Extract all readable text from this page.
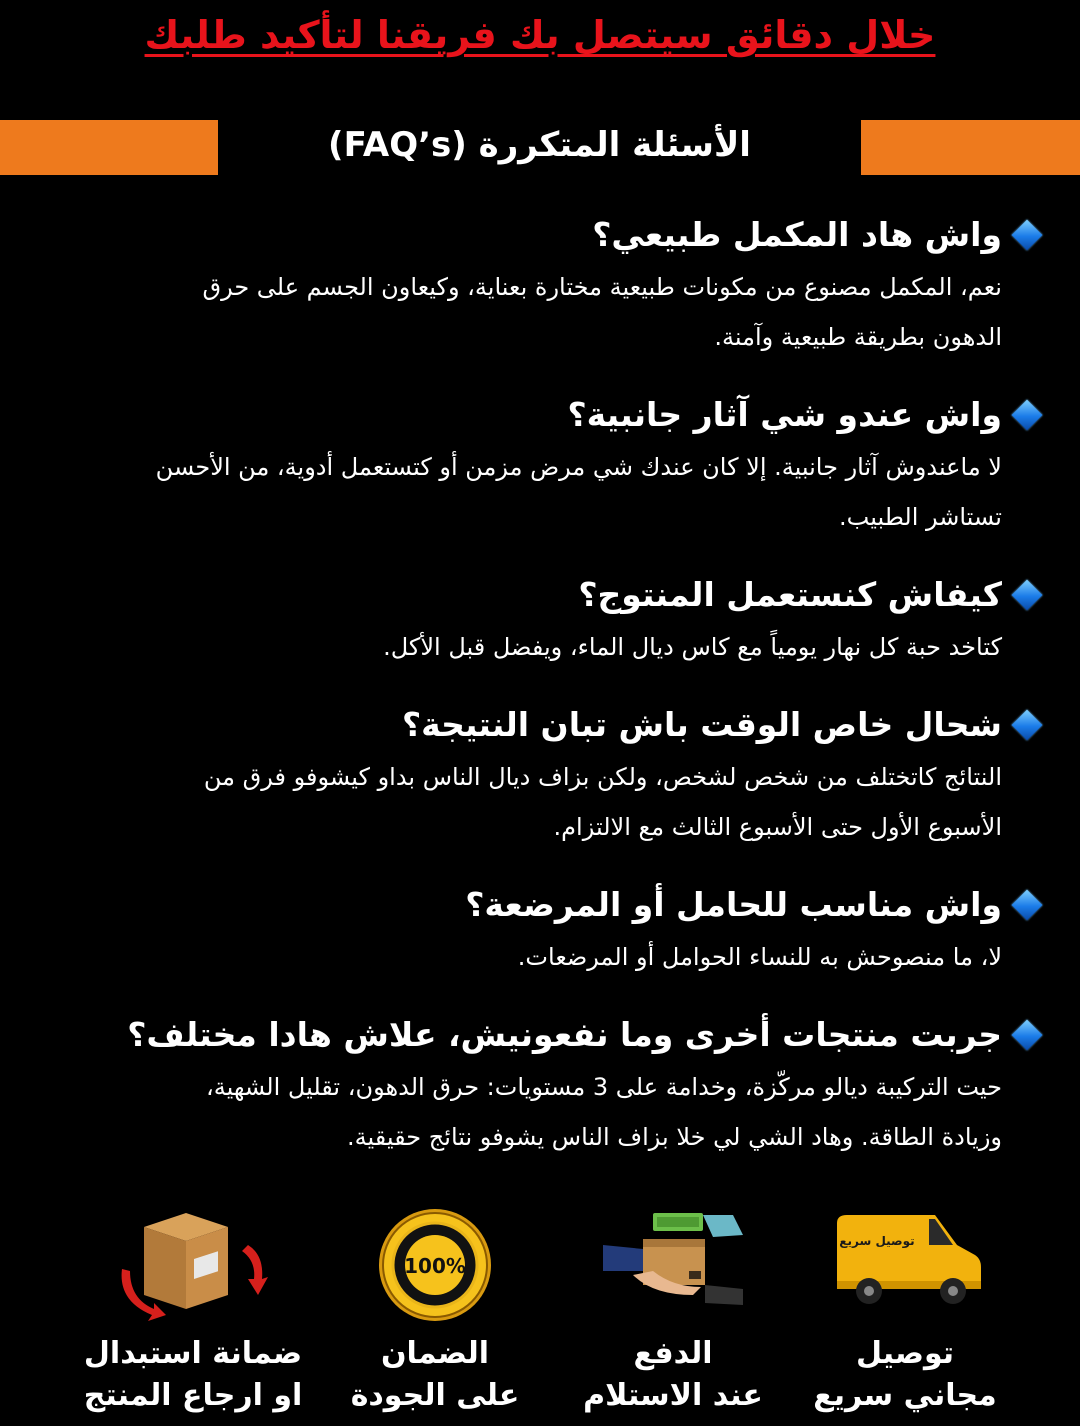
خلال دقائق سيتصل بك فريقنا لتأكيد طلبك
الأسئلة المتكررة (FAQ’s)
واش هاد المكمل طبيعي؟
نعم، المكمل مصنوع من مكونات طبيعية مختارة بعناية، وكيعاون الجسم على حرق
الدهون بطريقة طبيعية وآمنة.
واش عندو شي آثار جانبية؟
لا ماعندوش آثار جانبية. إلا كان عندك شي مرض مزمن أو كتستعمل أدوية، من الأحسن
تستاشر الطبيب.
كيفاش كنستعمل المنتوج؟
كتاخد حبة كل نهار يومياً مع كاس ديال الماء، ويفضل قبل الأكل.
شحال خاص الوقت باش تبان النتيجة؟
النتائج كاتختلف من شخص لشخص، ولكن بزاف ديال الناس بداو كيشوفو فرق من
الأسبوع الأول حتى الأسبوع الثالث مع الالتزام.
واش مناسب للحامل أو المرضعة؟
لا، ما منصوحش به للنساء الحوامل أو المرضعات.
جربت منتجات أخرى وما نفعونيش، علاش هادا مختلف؟
حيت التركيبة ديالو مركّزة، وخدامة على 3 مستويات: حرق الدهون، تقليل الشهية،
وزيادة الطاقة. وهاد الشي لي خلا بزاف الناس يشوفو نتائج حقيقية.
توصيل سريع
توصيل
مجاني سريع
الدفع
عند الاستلام
100%
الضمان
على الجودة
ضمانة استبدال
او ارجاع المنتج
